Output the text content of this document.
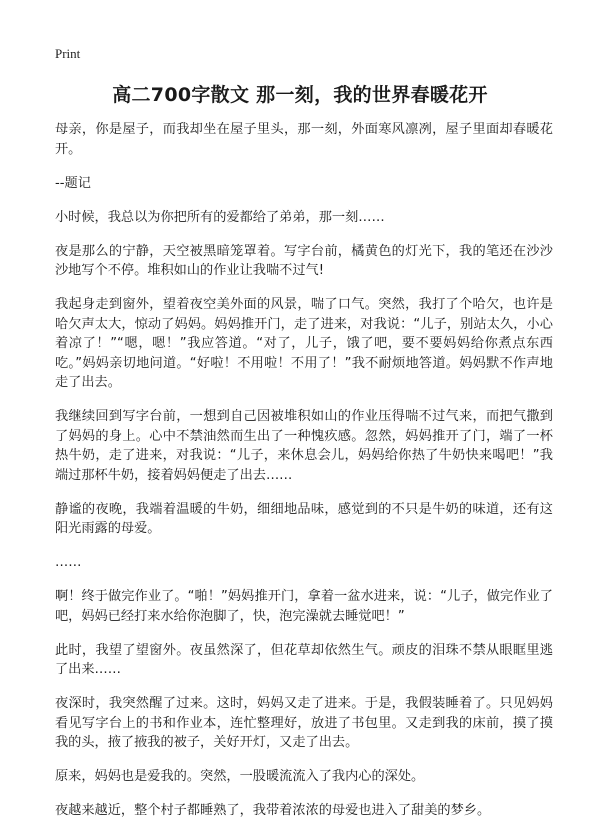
Print
高二700字散文 那一刻，我的世界春暖花开

母亲，你是屋子，而我却坐在屋子里头，那一刻，外面寒风凛冽，屋子里面却春暖花开。

--题记

小时候，我总以为你把所有的爱都给了弟弟，那一刻……

夜是那么的宁静，天空被黑暗笼罩着。写字台前，橘黄色的灯光下，我的笔还在沙沙沙地写个不停。堆积如山的作业让我喘不过气!

我起身走到窗外，望着夜空美外面的风景，喘了口气。突然，我打了个哈欠，也许是哈欠声太大，惊动了妈妈。妈妈推开门，走了进来，对我说：“儿子，别站太久，小心着凉了！”“嗯，嗯！”我应答道。“对了，儿子，饿了吧，要不要妈妈给你煮点东西吃。”妈妈亲切地问道。“好啦！不用啦！不用了！”我不耐烦地答道。妈妈默不作声地走了出去。

我继续回到写字台前，一想到自己因被堆积如山的作业压得喘不过气来，而把气撒到了妈妈的身上。心中不禁油然而生出了一种愧疚感。忽然，妈妈推开了门，端了一杯热牛奶，走了进来，对我说：“儿子，来休息会儿，妈妈给你热了牛奶快来喝吧！”我端过那杯牛奶，接着妈妈便走了出去……

静谧的夜晚，我端着温暖的牛奶，细细地品味，感觉到的不只是牛奶的味道，还有这阳光雨露的母爱。

……

啊！终于做完作业了。“啪！”妈妈推开门，拿着一盆水进来，说：“儿子，做完作业了吧，妈妈已经打来水给你泡脚了，快，泡完澡就去睡觉吧！”

此时，我望了望窗外。夜虽然深了，但花草却依然生气。顽皮的泪珠不禁从眼眶里逃了出来……

夜深时，我突然醒了过来。这时，妈妈又走了进来。于是，我假装睡着了。只见妈妈看见写字台上的书和作业本，连忙整理好，放进了书包里。又走到我的床前，摸了摸我的头，掖了掖我的被子，关好开灯，又走了出去。

原来，妈妈也是爱我的。突然，一股暖流流入了我内心的深处。

夜越来越近，整个村子都睡熟了，我带着浓浓的母爱也进入了甜美的梦乡。
